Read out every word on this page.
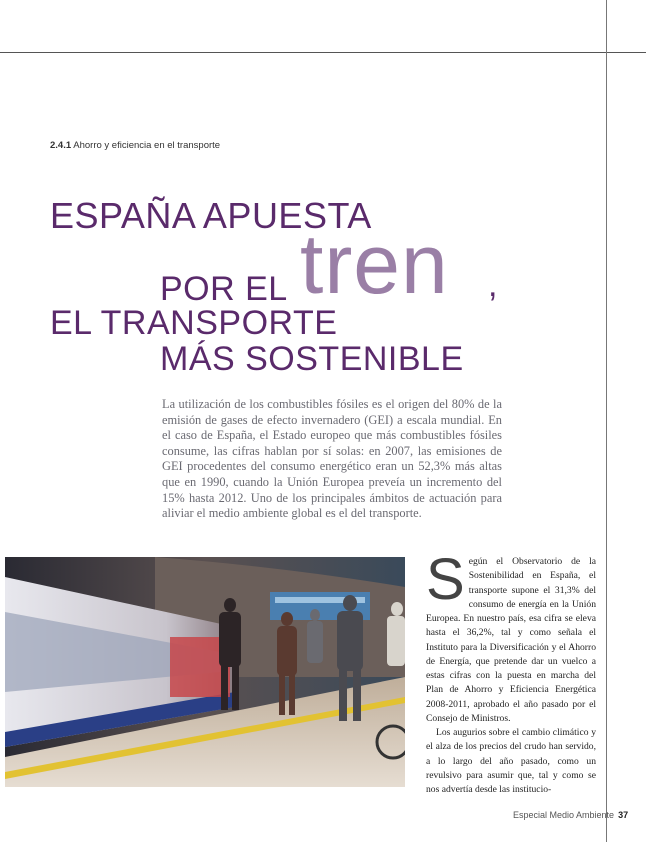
2.4.1 Ahorro y eficiencia en el transporte
ESPAÑA APUESTA
POR EL tren ,
EL TRANSPORTE
MÁS SOSTENIBLE
La utilización de los combustibles fósiles es el origen del 80% de la emisión de gases de efecto invernadero (GEI) a escala mundial. En el caso de España, el Estado europeo que más combustibles fósiles consume, las cifras hablan por sí solas: en 2007, las emisiones de GEI procedentes del consumo energético eran un 52,3% más altas que en 1990, cuando la Unión Europea preveía un incremento del 15% hasta 2012. Uno de los principales ámbitos de actuación para aliviar el medio ambiente global es el del transporte.

Según el Observatorio de la Sostenibilidad en España, el transporte supone el 31,3% del consumo de energía en la Unión Europea. En nuestro país, esa cifra se eleva hasta el 36,2%, tal y como señala el Instituto para la Diversificación y el Ahorro de Energía, que pretende dar un vuelco a estas cifras con la puesta en marcha del Plan de Ahorro y Eficiencia Energética 2008-2011, aprobado el año pasado por el Consejo de Ministros.

Los augurios sobre el cambio climático y el alza de los precios del crudo han servido, a lo largo del año pasado, como un revulsivo para asumir que, tal y como se nos advertía desde las institucio-

Especial Medio Ambiente 37
